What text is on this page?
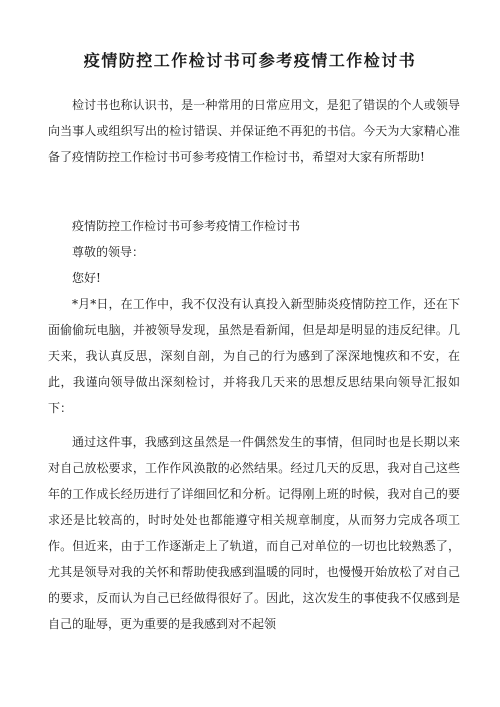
疫情防控工作检讨书可参考疫情工作检讨书

检讨书也称认识书，是一种常用的日常应用文，是犯了错误的个人或领导向当事人或组织写出的检讨错误、并保证绝不再犯的书信。今天为大家精心准备了疫情防控工作检讨书可参考疫情工作检讨书，希望对大家有所帮助!

疫情防控工作检讨书可参考疫情工作检讨书

尊敬的领导：

您好!

*月*日，在工作中，我不仅没有认真投入新型肺炎疫情防控工作，还在下面偷偷玩电脑，并被领导发现，虽然是看新闻，但是却是明显的违反纪律。几天来，我认真反思，深刻自剖，为自己的行为感到了深深地愧疚和不安，在此，我谨向领导做出深刻检讨，并将我几天来的思想反思结果向领导汇报如下：

通过这件事，我感到这虽然是一件偶然发生的事情，但同时也是长期以来对自己放松要求，工作作风涣散的必然结果。经过几天的反思，我对自己这些年的工作成长经历进行了详细回忆和分析。记得刚上班的时候，我对自己的要求还是比较高的，时时处处也都能遵守相关规章制度，从而努力完成各项工作。但近来，由于工作逐渐走上了轨道，而自己对单位的一切也比较熟悉了，尤其是领导对我的关怀和帮助使我感到温暖的同时，也慢慢开始放松了对自己的要求，反而认为自己已经做得很好了。因此，这次发生的事使我不仅感到是自己的耻辱，更为重要的是我感到对不起领
